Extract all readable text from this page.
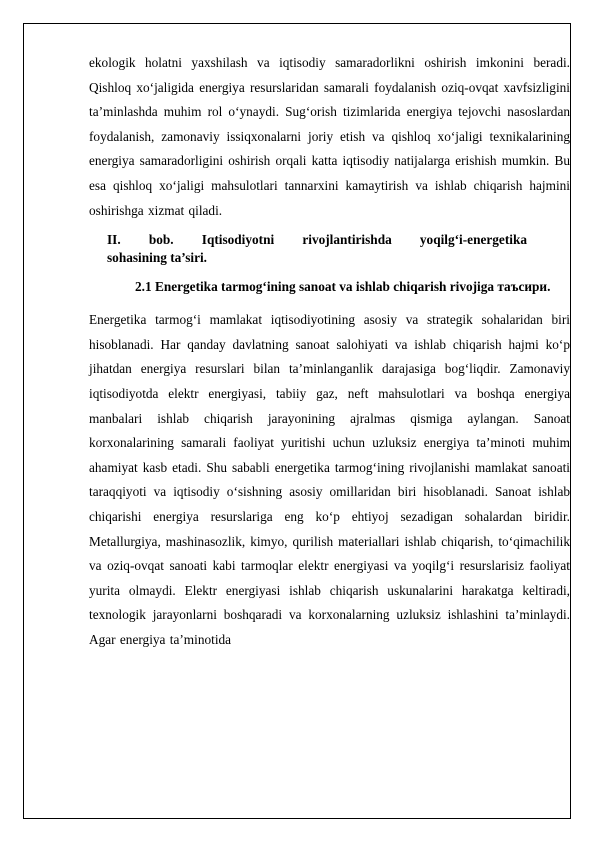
ekologik holatni yaxshilash va iqtisodiy samaradorlikni oshirish imkonini beradi. Qishloq xo‘jaligida energiya resurslaridan samarali foydalanish oziq-ovqat xavfsizligini ta’minlashda muhim rol o‘ynaydi. Sug‘orish tizimlarida energiya tejovchi nasoslardan foydalanish, zamonaviy issiqxonalarni joriy etish va qishloq xo‘jaligi texnikalarining energiya samaradorligini oshirish orqali katta iqtisodiy natijalarga erishish mumkin. Bu esa qishloq xo‘jaligi mahsulotlari tannarxini kamaytirish va ishlab chiqarish hajmini oshirishga xizmat qiladi.

II. bob. Iqtisodiyotni rivojlantirishda yoqilg‘i-energetika
sohasining ta’siri.

2.1 Energetika tarmog‘ining sanoat va ishlab chiqarish rivojiga таъсири.

Energetika tarmog‘i mamlakat iqtisodiyotining asosiy va strategik sohalaridan biri hisoblanadi. Har qanday davlatning sanoat salohiyati va ishlab chiqarish hajmi ko‘p jihatdan energiya resurslari bilan ta’minlanganlik darajasiga bog‘liqdir. Zamonaviy iqtisodiyotda elektr energiyasi, tabiiy gaz, neft mahsulotlari va boshqa energiya manbalari ishlab chiqarish jarayonining ajralmas qismiga aylangan. Sanoat korxonalarining samarali faoliyat yuritishi uchun uzluksiz energiya ta’minoti muhim ahamiyat kasb etadi. Shu sababli energetika tarmog‘ining rivojlanishi mamlakat sanoati taraqqiyoti va iqtisodiy o‘sishning asosiy omillaridan biri hisoblanadi. Sanoat ishlab chiqarishi energiya resurslariga eng ko‘p ehtiyoj sezadigan sohalardan biridir. Metallurgiya, mashinasozlik, kimyo, qurilish materiallari ishlab chiqarish, to‘qimachilik va oziq-ovqat sanoati kabi tarmoqlar elektr energiyasi va yoqilg‘i resurslarisiz faoliyat yurita olmaydi. Elektr energiyasi ishlab chiqarish uskunalarini harakatga keltiradi, texnologik jarayonlarni boshqaradi va korxonalarning uzluksiz ishlashini ta’minlaydi. Agar energiya ta’minotida
